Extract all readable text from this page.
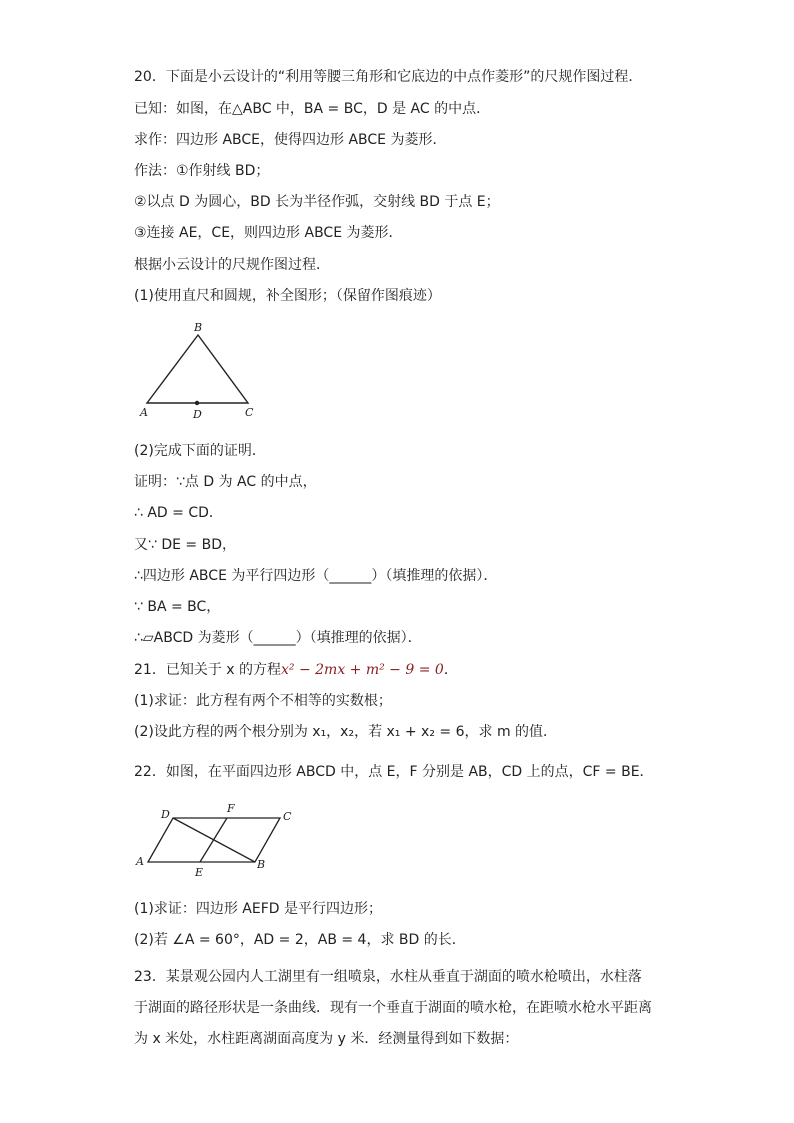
20．下面是小云设计的“利用等腰三角形和它底边的中点作菱形”的尺规作图过程．
已知：如图，在△ABC 中，BA = BC，D 是 AC 的中点．
求作：四边形 ABCE，使得四边形 ABCE 为菱形．
作法：①作射线 BD；
②以点 D 为圆心，BD 长为半径作弧，交射线 BD 于点 E；
③连接 AE，CE，则四边形 ABCE 为菱形．
根据小云设计的尺规作图过程．
(1)使用直尺和圆规，补全图形；（保留作图痕迹）
B
A	D	C
(2)完成下面的证明．
证明：∵点 D 为 AC 的中点，
∴ AD = CD．
又∵ DE = BD，
∴四边形 ABCE 为平行四边形（______）（填推理的依据）．
∵ BA = BC，
∴▱ABCD 为菱形（______）（填推理的依据）．
21．已知关于 x 的方程x² − 2mx + m² − 9 = 0．
(1)求证：此方程有两个不相等的实数根；
(2)设此方程的两个根分别为 x₁，x₂，若 x₁ + x₂ = 6，求 m 的值．
22．如图，在平面四边形 ABCD 中，点 E，F 分别是 AB，CD 上的点，CF = BE．
D	F
C
A
E
B
(1)求证：四边形 AEFD 是平行四边形；
(2)若 ∠A = 60°，AD = 2，AB = 4，求 BD 的长．
23．某景观公园内人工湖里有一组喷泉，水柱从垂直于湖面的喷水枪喷出，水柱落于湖面的路径形状是一条曲线．现有一个垂直于湖面的喷水枪，在距喷水枪水平距离为 x 米处，水柱距离湖面高度为 y 米．经测量得到如下数据：
